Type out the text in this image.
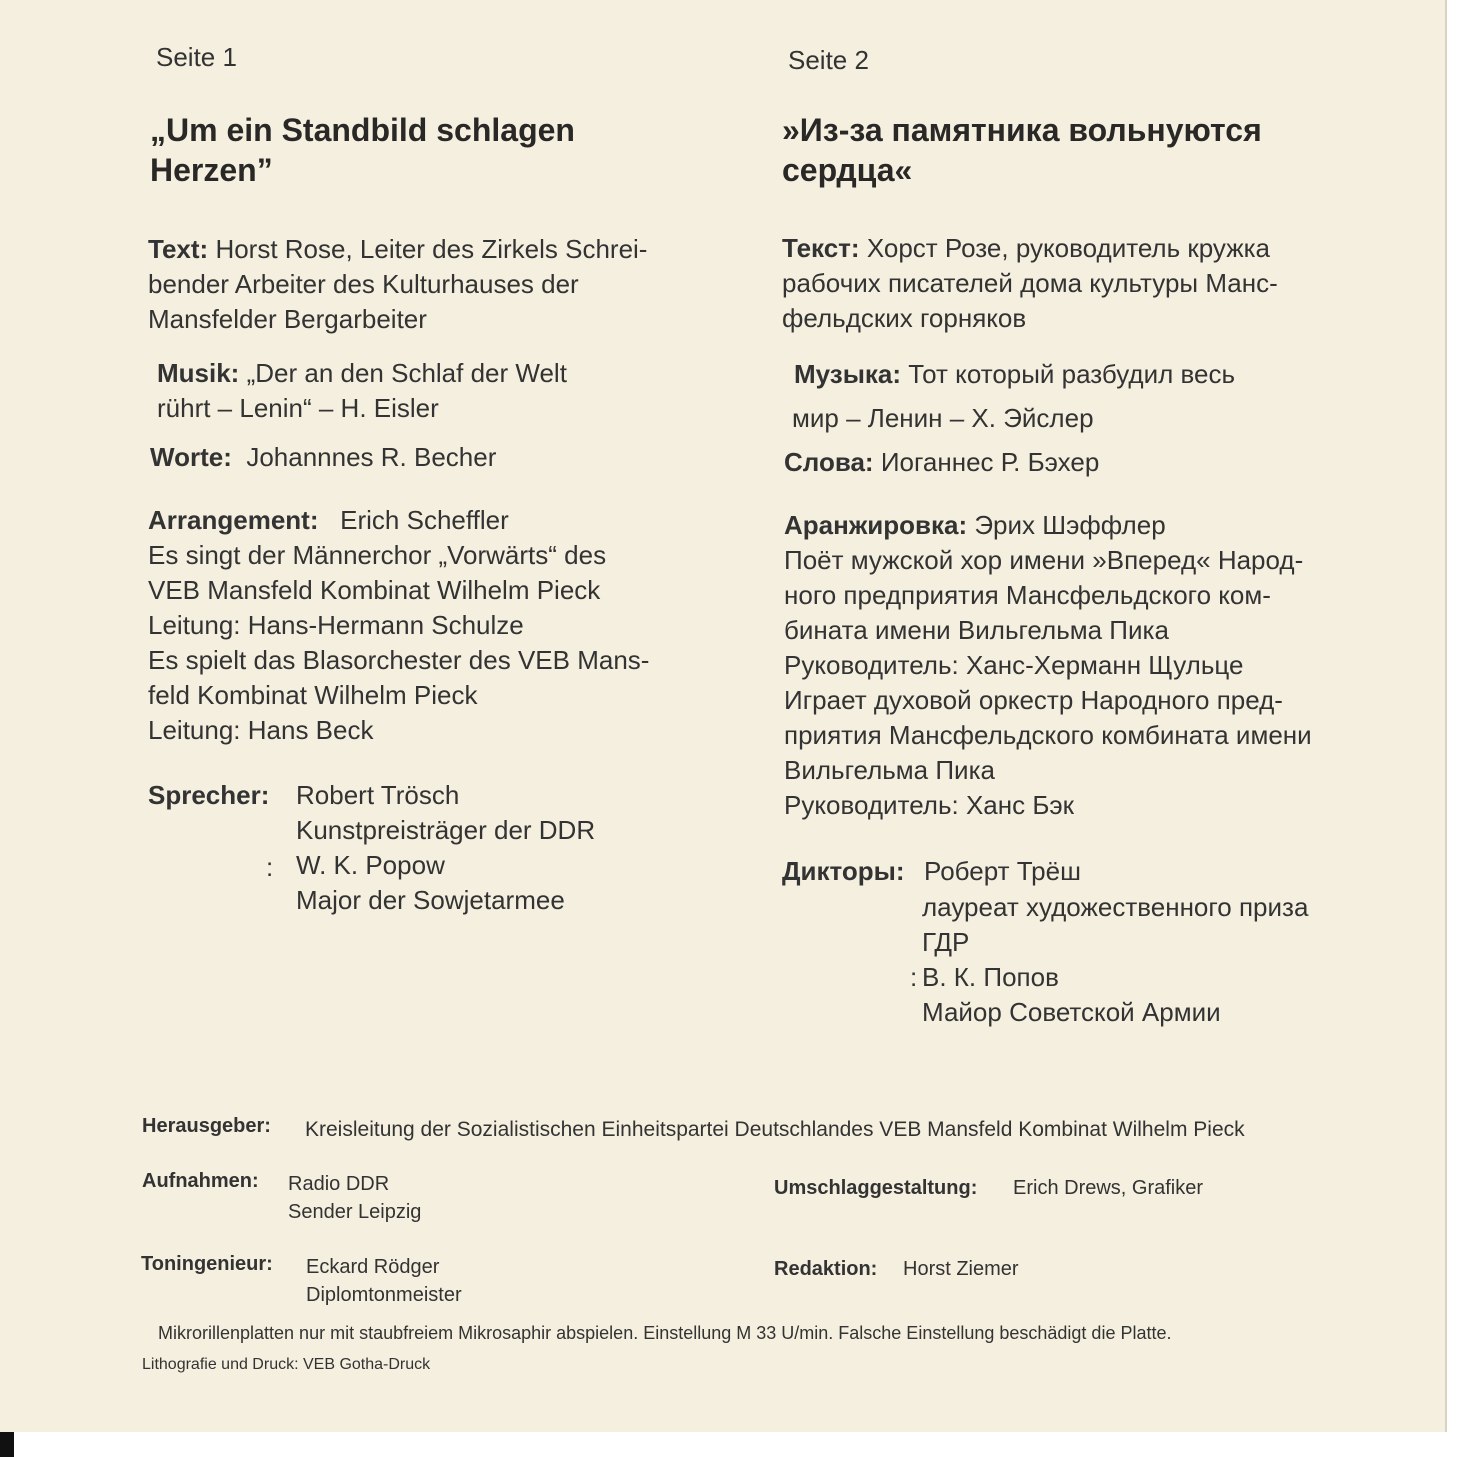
Seite 1
„Um ein Standbild schlagen
Herzen”
Text: Horst Rose, Leiter des Zirkels Schrei-
bender Arbeiter des Kulturhauses der
Mansfelder Bergarbeiter
Musik: „Der an den Schlaf der Welt
rührt – Lenin“ – H. Eisler
Worte: Johannnes R. Becher
Arrangement: Erich Scheffler
Es singt der Männerchor „Vorwärts“ des
VEB Mansfeld Kombinat Wilhelm Pieck
Leitung: Hans-Hermann Schulze
Es spielt das Blasorchester des VEB Mans-
feld Kombinat Wilhelm Pieck
Leitung: Hans Beck
Sprecher: Robert Trösch
Kunstpreisträger der DDR
W. K. Popow
Major der Sowjetarmee
:
Seite 2
»Из-за памятника вольнуются
сердца«
Текст: Хорст Розе, руководитель кружка
рабочих писателей дома культуры Манс-
фельдских горняков
Музыка: Тот который разбудил весь
мир – Ленин – Х. Эйслер
Слова: Иоганнес Р. Бэхер
Аранжировка: Эрих Шэффлер
Поёт мужской хор имени »Вперед« Народ-
ного предприятия Мансфельдского ком-
бината имени Вильгельма Пика
Руководитель: Ханс-Херманн Щульце
Играет духовой оркестр Народного пред-
приятия Мансфельдского комбината имени
Вильгельма Пика
Руководитель: Ханс Бэк
Дикторы: Роберт Трёш
лауреат художественного приза
ГДР
В. К. Попов
Майор Советской Армии
:
Herausgeber: Kreisleitung der Sozialistischen Einheitspartei Deutschlandes VEB Mansfeld Kombinat Wilhelm Pieck
Aufnahmen: Radio DDR
Sender Leipzig
Umschlaggestaltung: Erich Drews, Grafiker
Toningenieur: Eckard Rödger
Diplomtonmeister
Redaktion: Horst Ziemer
Mikrorillenplatten nur mit staubfreiem Mikrosaphir abspielen. Einstellung M 33 U/min. Falsche Einstellung beschädigt die Platte.
Lithografie und Druck: VEB Gotha-Druck
